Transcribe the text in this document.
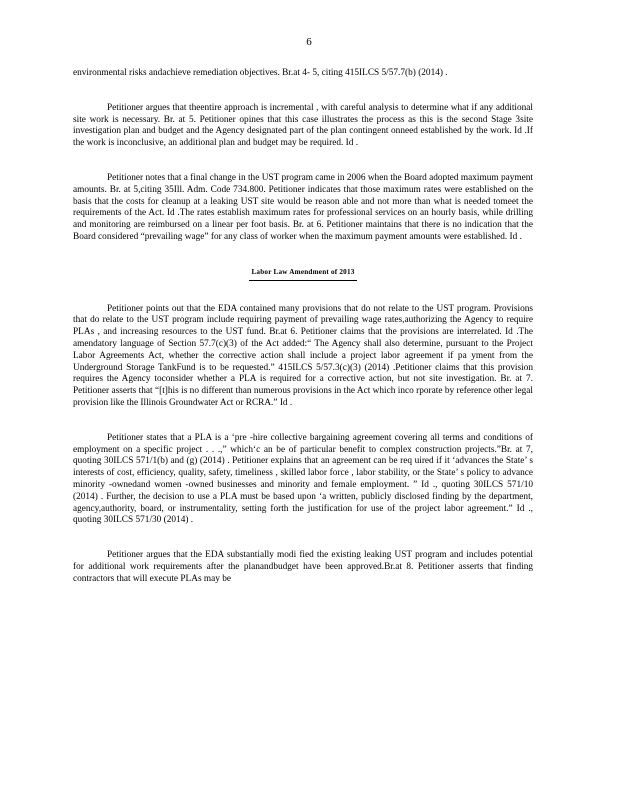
6

environmental risks andachieve remediation objectives. Br.at 4- 5, citing 415ILCS 5/57.7(b) (2014) .

Petitioner argues that theentire approach is incremental , with careful analysis to determine what if any additional site work is necessary. Br. at 5. Petitioner opines that this case illustrates the process as this is the second Stage 3site investigation plan and budget and the Agency designated part of the plan contingent onneed established by the work. Id .If the work is inconclusive, an additional plan and budget may be required. Id .

Petitioner notes that a final change in the UST program came in 2006 when the Board adopted maximum payment amounts. Br. at 5,citing 35Ill. Adm. Code 734.800. Petitioner indicates that those maximum rates were established on the basis that the costs for cleanup at a leaking UST site would be reason able and not more than what is needed tomeet the requirements of the Act. Id .The rates establish maximum rates for professional services on an hourly basis, while drilling and monitoring are reimbursed on a linear per foot basis. Br. at 6. Petitioner maintains that there is no indication that the Board considered “prevailing wage” for any class of worker when the maximum payment amounts were established. Id .

Labor Law Amendment of 2013

Petitioner points out that the EDA contained many provisions that do not relate to the UST program. Provisions that do relate to the UST program include requiring payment of prevailing wage rates,authorizing the Agency to require PLAs , and increasing resources to the UST fund. Br.at 6. Petitioner claims that the provisions are interrelated. Id .The amendatory language of Section 57.7(c)(3) of the Act added:“ The Agency shall also determine, pursuant to the Project Labor Agreements Act, whether the corrective action shall include a project labor agreement if pa yment from the Underground Storage TankFund is to be requested.” 415ILCS 5/57.3(c)(3) (2014) .Petitioner claims that this provision requires the Agency toconsider whether a PLA is required for a corrective action, but not site investigation. Br. at 7. Petitioner asserts that “[t]his is no different than numerous provisions in the Act which inco rporate by reference other legal provision like the Illinois Groundwater Act or RCRA.” Id .

Petitioner states that a PLA is a ‘pre -hire collective bargaining agreement covering all terms and conditions of employment on a specific project . . .,” which‘c an be of particular benefit to complex construction projects.”Br. at 7, quoting 30ILCS 571/1(b) and (g) (2014) . Petitioner explains that an agreement can be req uired if it ‘advances the State’ s interests of cost, efficiency, quality, safety, timeliness , skilled labor force , labor stability, or the State’ s policy to advance minority -ownedand women -owned businesses and minority and female employment. ” Id ., quoting 30ILCS 571/10 (2014) . Further, the decision to use a PLA must be based upon ‘a written, publicly disclosed finding by the department, agency,authority, board, or instrumentality, setting forth the justification for use of the project labor agreement.” Id ., quoting 30ILCS 571/30 (2014) .

Petitioner argues that the EDA substantially modi fied the existing leaking UST program and includes potential for additional work requirements after the planandbudget have been approved.Br.at 8. Petitioner asserts that finding contractors that will execute PLAs may be
